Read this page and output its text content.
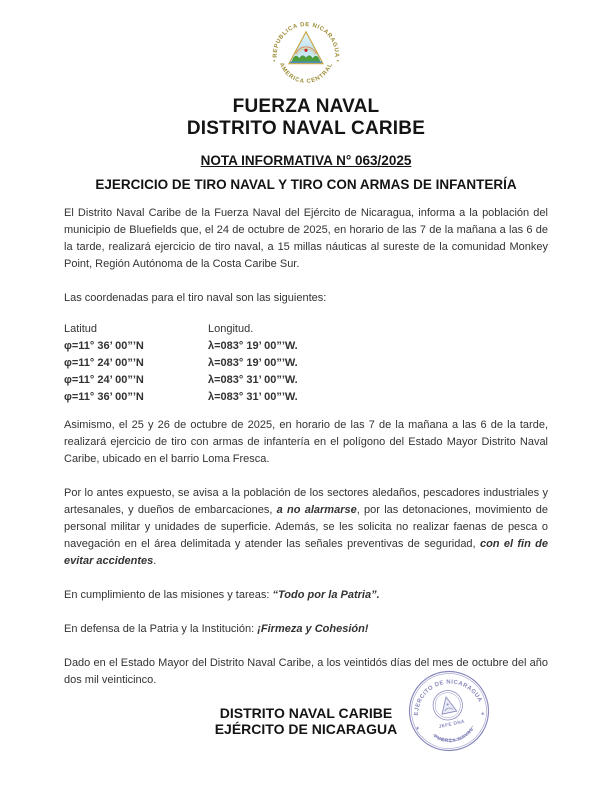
REPUBLICA DE NICARAGUA
AMERICA CENTRAL
FUERZA NAVAL
DISTRITO NAVAL CARIBE
NOTA INFORMATIVA N° 063/2025
EJERCICIO DE TIRO NAVAL Y TIRO CON ARMAS DE INFANTERÍA

El Distrito Naval Caribe de la Fuerza Naval del Ejército de Nicaragua, informa a la población del municipio de Bluefields que, el 24 de octubre de 2025, en horario de las 7 de la mañana a las 6 de la tarde, realizará ejercicio de tiro naval, a 15 millas náuticas al sureste de la comunidad Monkey Point, Región Autónoma de la Costa Caribe Sur.

Las coordenadas para el tiro naval son las siguientes:

Latitud	Longitud.
φ=11° 36’ 00”’N	λ=083° 19’ 00”’W.
φ=11° 24’ 00”’N	λ=083° 19’ 00”’W.
φ=11° 24’ 00”’N	λ=083° 31’ 00”’W.
φ=11° 36’ 00”’N	λ=083° 31’ 00”’W.

Asimismo, el 25 y 26 de octubre de 2025, en horario de las 7 de la mañana a las 6 de la tarde, realizará ejercicio de tiro con armas de infantería en el polígono del Estado Mayor Distrito Naval Caribe, ubicado en el barrio Loma Fresca.

Por lo antes expuesto, se avisa a la población de los sectores aledaños, pescadores industriales y artesanales, y dueños de embarcaciones, a no alarmarse, por las detonaciones, movimiento de personal militar y unidades de superficie. Además, se les solicita no realizar faenas de pesca o navegación en el área delimitada y atender las señales preventivas de seguridad, con el fin de evitar accidentes.

En cumplimiento de las misiones y tareas: “Todo por la Patria”.

En defensa de la Patria y la Institución: ¡Firmeza y Cohesión!

Dado en el Estado Mayor del Distrito Naval Caribe, a los veintidós días del mes de octubre del año dos mil veinticinco.

DISTRITO NAVAL CARIBE
EJÉRCITO DE NICARAGUA
EJERCITO DE NICARAGUA
✶
✶
JEFE DNA
FUERZA NAVAL
